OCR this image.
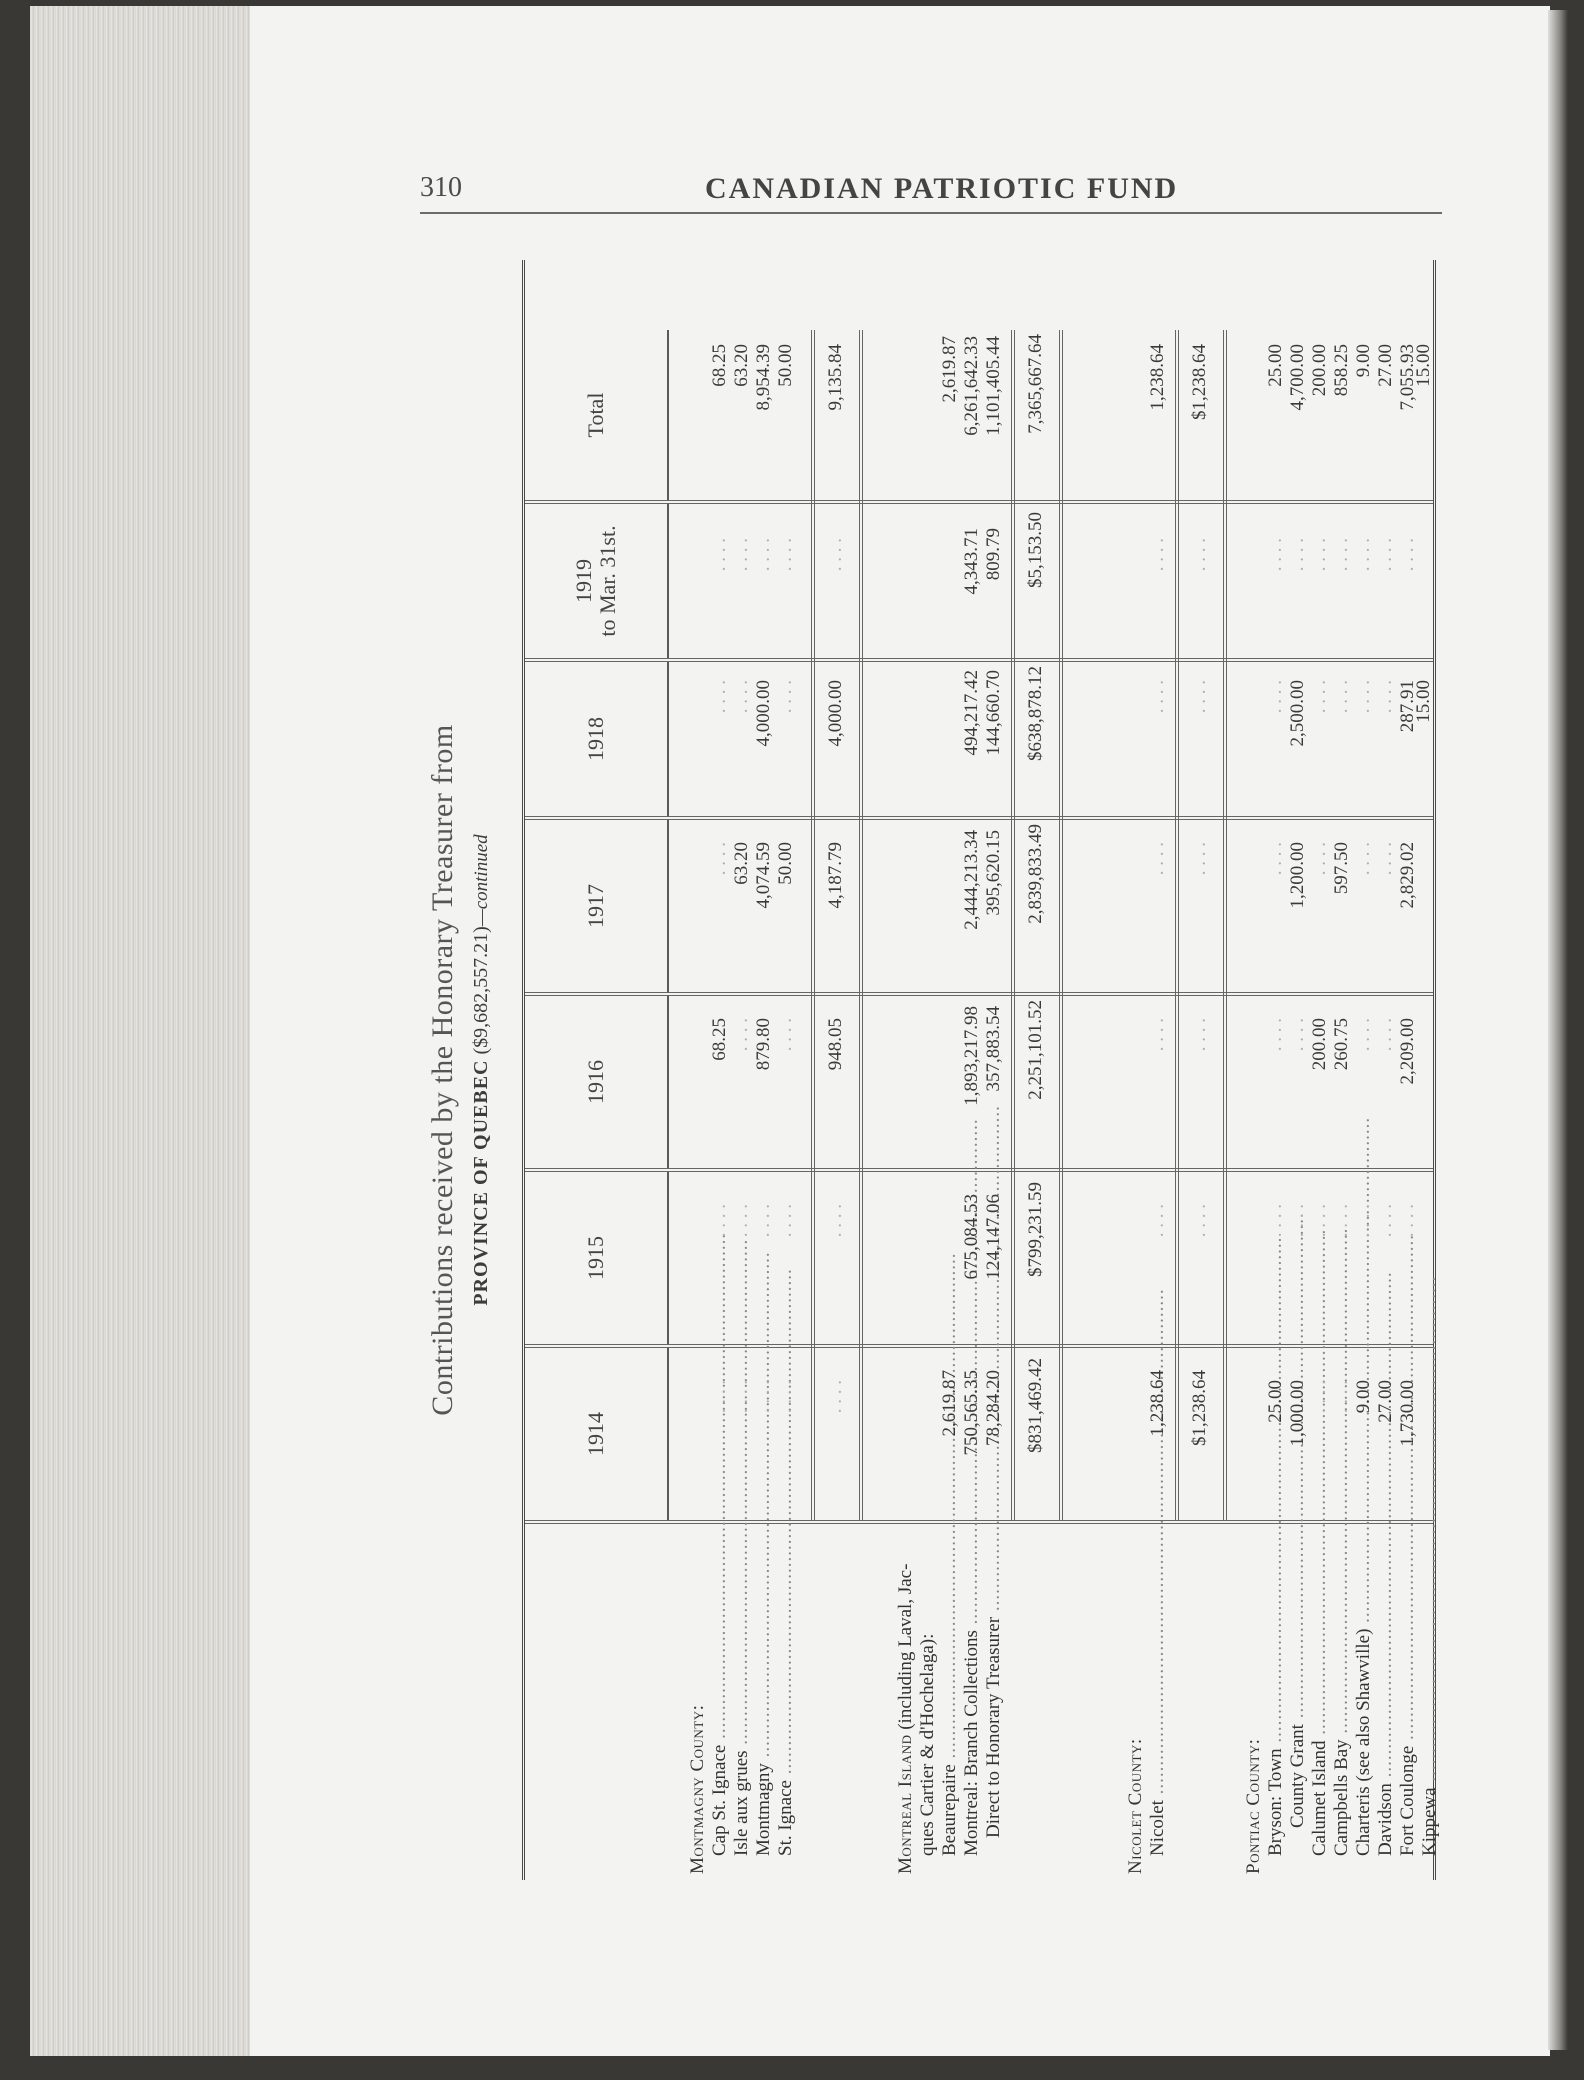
310	CANADIAN PATRIOTIC FUND
Contributions received by the Honorary Treasurer from PROVINCE OF QUEBEC ($9,682,557.21)—continued
1914
1915
1916
1917
1918
1919 to Mar. 31st.
Total
Montmagny County: Cap St. Ignace ..... Isle aux grues ..... Montmagny ..... St. Ignace .....
. . . . . . . . . . . . . . . .
. . . . . . . . . . . . . . . .
68.25 . . . . 879.80 . . . .
. . . . 63.20 4,074.59 50.00
. . . . . . . . 4,000.00 . . . .
. . . . . . . . . . . . . . . .
68.25 63.20 8,954.39 50.00
. . . .
. . . .
948.05
4,187.79
4,000.00
. . . .
9,135.84
Montreal Island (including Laval, Jac- ques Cartier & d'Hochelaga): Beaurepaire ..... Montreal: Branch Collections ..... Direct to Honorary Treasurer .....
2,619.87 750,565.35 78,284.20
675,084.53 124,147.06
1,893,217.98 357,883.54
2,444,213.34 395,620.15
494,217.42 144,660.70
4,343.71 809.79
2,619.87 6,261,642.33 1,101,405.44
$831,469.42
$799,231.59
2,251,101.52
2,839,833.49
$638,878.12
$5,153.50
7,365,667.64
Nicolet County: Nicolet .....
1,238.64
. . . .
. . . .
. . . .
. . . .
. . . .
1,238.64
$1,238.64
. . . .
. . . .
. . . .
. . . .
. . . .
$1,238.64
Pontiac County: Bryson: Town ..... County Grant ..... Calumet Island ..... Campbells Bay ..... Charteris (see also Shawville) ..... Davidson ..... Fort Coulonge ..... Kippewa .....
25.00 1,000.00 . . . . . . . . 9.00 27.00 1,730.00
. . . . . . . . . . . . . . . . . . . . . . . . . . . .
. . . . . . . . 200.00 260.75 . . . . . . . . 2,209.00
. . . . 1,200.00 . . . . 597.50 . . . . . . . . 2,829.02
. . . . 2,500.00 . . . . . . . . . . . . . . . . 287.91
15.00
. . . . . . . . . . . . . . . . . . . . . . . . . . . .
25.00 4,700.00 200.00 858.25 9.00 27.00 7,055.93
15.00
